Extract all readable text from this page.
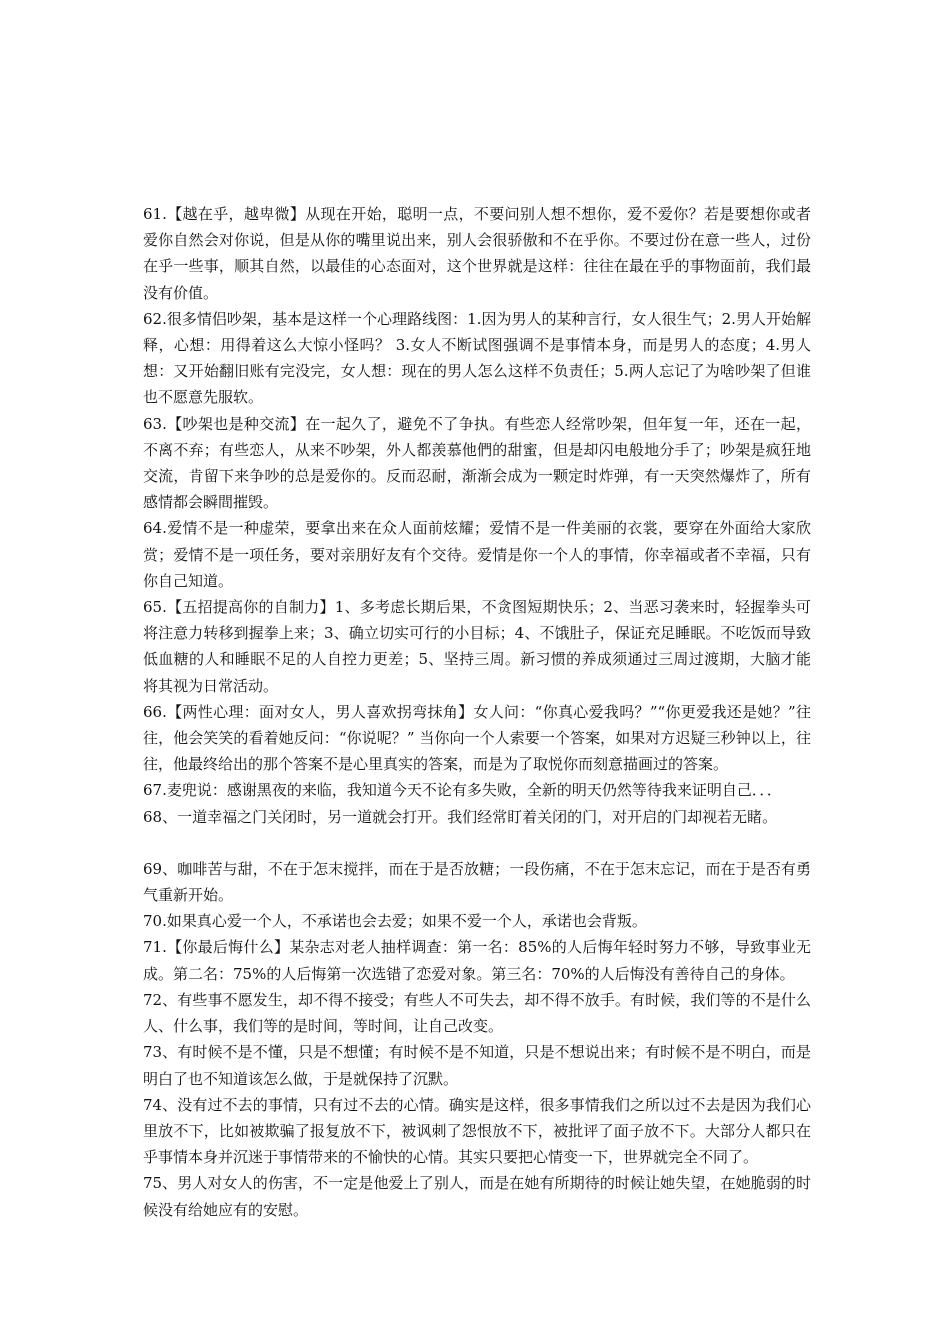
61.【越在乎，越卑微】从现在开始，聪明一点，不要问别人想不想你，爱不爱你？若是要想你或者爱你自然会对你说，但是从你的嘴里说出来，别人会很骄傲和不在乎你。不要过份在意一些人，过份在乎一些事，顺其自然，以最佳的心态面对，这个世界就是这样：往往在最在乎的事物面前，我们最没有价值。

62.很多情侣吵架，基本是这样一个心理路线图：1.因为男人的某种言行，女人很生气；2.男人开始解释，心想：用得着这么大惊小怪吗？ 3.女人不断试图强调不是事情本身，而是男人的态度；4.男人想：又开始翻旧账有完没完，女人想：现在的男人怎么这样不负责任；5.两人忘记了为啥吵架了但谁也不愿意先服软。

63.【吵架也是种交流】在一起久了，避免不了争执。有些恋人经常吵架，但年复一年，还在一起，不离不弃；有些恋人，从来不吵架，外人都羡慕他們的甜蜜，但是却闪电般地分手了；吵架是疯狂地交流，肯留下来争吵的总是爱你的。反而忍耐，渐渐会成为一颗定时炸弹，有一天突然爆炸了，所有感情都会瞬間摧毁。

64.爱情不是一种虚荣，要拿出来在众人面前炫耀；爱情不是一件美丽的衣裳，要穿在外面给大家欣赏；爱情不是一项任务，要对亲朋好友有个交待。爱情是你一个人的事情，你幸福或者不幸福，只有你自己知道。

65.【五招提高你的自制力】1、多考虑长期后果，不贪图短期快乐；2、当恶习袭来时，轻握拳头可将注意力转移到握拳上来；3、确立切实可行的小目标；4、不饿肚子，保证充足睡眠。不吃饭而导致低血糖的人和睡眠不足的人自控力更差；5、坚持三周。新习惯的养成须通过三周过渡期，大脑才能将其视为日常活动。

66.【两性心理：面对女人，男人喜欢拐弯抹角】女人问：“你真心爱我吗？”“你更爱我还是她？”往往，他会笑笑的看着她反问：“你说呢？” 当你向一个人索要一个答案，如果对方迟疑三秒钟以上，往往，他最终给出的那个答案不是心里真实的答案，而是为了取悦你而刻意描画过的答案。

67.麦兜说：感谢黑夜的来临，我知道今天不论有多失败，全新的明天仍然等待我来证明自己．．．

68、一道幸福之门关闭时，另一道就会打开。我们经常盯着关闭的门，对开启的门却视若无睹。

69、咖啡苦与甜，不在于怎末搅拌，而在于是否放糖；一段伤痛，不在于怎末忘记，而在于是否有勇气重新开始。

70.如果真心爱一个人，不承诺也会去爱；如果不爱一个人，承诺也会背叛。

71.【你最后悔什么】某杂志对老人抽样调查：第一名：85%的人后悔年轻时努力不够，导致事业无成。第二名：75%的人后悔第一次选错了恋爱对象。第三名：70%的人后悔没有善待自己的身体。

72、有些事不愿发生，却不得不接受；有些人不可失去，却不得不放手。有时候，我们等的不是什么人、什么事，我们等的是时间，等时间，让自己改变。

73、有时候不是不懂，只是不想懂；有时候不是不知道，只是不想说出来；有时候不是不明白，而是明白了也不知道该怎么做，于是就保持了沉默。

74、没有过不去的事情，只有过不去的心情。确实是这样，很多事情我们之所以过不去是因为我们心里放不下，比如被欺骗了报复放不下，被讽刺了怨恨放不下，被批评了面子放不下。大部分人都只在乎事情本身并沉迷于事情带来的不愉快的心情。其实只要把心情变一下，世界就完全不同了。

75、男人对女人的伤害，不一定是他爱上了别人，而是在她有所期待的时候让她失望，在她脆弱的时候没有给她应有的安慰。
